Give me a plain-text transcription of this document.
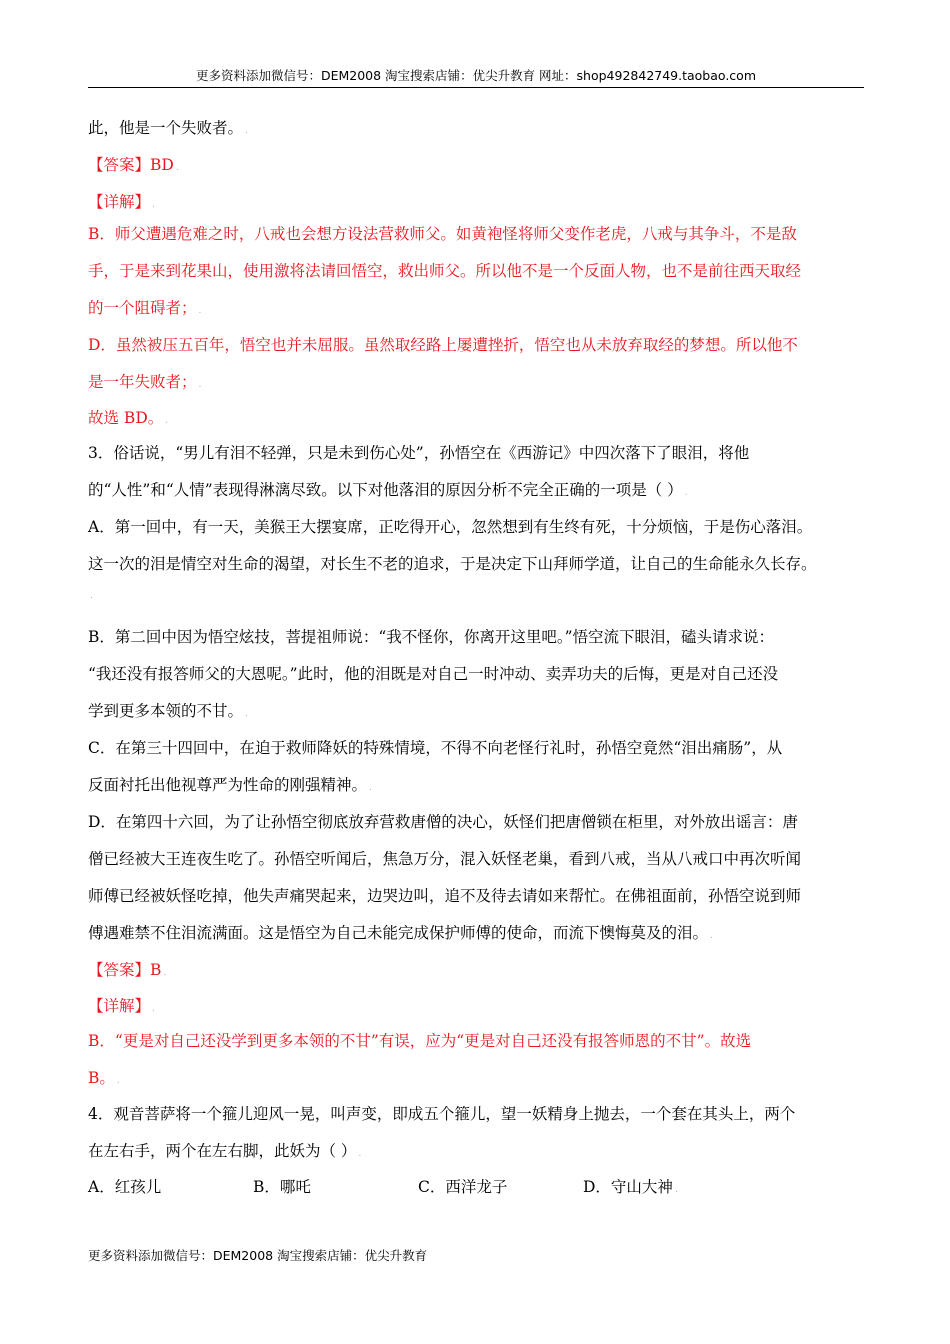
更多资料添加微信号：DEM2008 淘宝搜索店铺：优尖升教育 网址：shop492842749.taobao.com
此，他是一个失败者。 .
【答案】BD .
【详解】 .
B．师父遭遇危难之时，八戒也会想方设法营救师父。如黄袍怪将师父变作老虎，八戒与其争斗，不是敌
手，于是来到花果山，使用激将法请回悟空，救出师父。所以他不是一个反面人物，也不是前往西天取经
的一个阻碍者； .
D．虽然被压五百年，悟空也并未屈服。虽然取经路上屡遭挫折，悟空也从未放弃取经的梦想。所以他不
是一年失败者； .
故选 BD。 .
3．俗话说，“男儿有泪不轻弹，只是未到伤心处”，孙悟空在《西游记》中四次落下了眼泪，将他
的“人性”和“人情”表现得淋漓尽致。以下对他落泪的原因分析不完全正确的一项是（ ） .
A．第一回中，有一天，美猴王大摆宴席，正吃得开心，忽然想到有生终有死，十分烦恼，于是伤心落泪。
这一次的泪是情空对生命的渴望，对长生不老的追求，于是决定下山拜师学道，让自己的生命能永久长存。
.
B．第二回中因为悟空炫技，菩提祖师说：“我不怪你，你离开这里吧。”悟空流下眼泪，磕头请求说：
“我还没有报答师父的大恩呢。”此时，他的泪既是对自己一时冲动、卖弄功夫的后悔，更是对自己还没
学到更多本领的不甘。 .
C．在第三十四回中，在迫于救师降妖的特殊情境，不得不向老怪行礼时，孙悟空竟然“泪出痛肠”，从
反面衬托出他视尊严为性命的刚强精神。 .
D．在第四十六回，为了让孙悟空彻底放弃营救唐僧的决心，妖怪们把唐僧锁在柜里，对外放出谣言：唐
僧已经被大王连夜生吃了。孙悟空听闻后，焦急万分，混入妖怪老巢，看到八戒，当从八戒口中再次听闻
师傅已经被妖怪吃掉，他失声痛哭起来，边哭边叫，追不及待去请如来帮忙。在佛祖面前，孙悟空说到师
傅遇难禁不住泪流满面。这是悟空为自己未能完成保护师傅的使命，而流下懊悔莫及的泪。 .
【答案】B .
【详解】 .
B．“更是对自己还没学到更多本领的不甘”有误，应为“更是对自己还没有报答师恩的不甘”。故选
B。 .
4．观音菩萨将一个箍儿迎风一晃，叫声变，即成五个箍儿，望一妖精身上抛去，一个套在其头上，两个
在左右手，两个在左右脚，此妖为（ ） .
A．红孩儿	B．哪吒	C．西洋龙子	D．守山大神 .
更多资料添加微信号：DEM2008 淘宝搜索店铺：优尖升教育
